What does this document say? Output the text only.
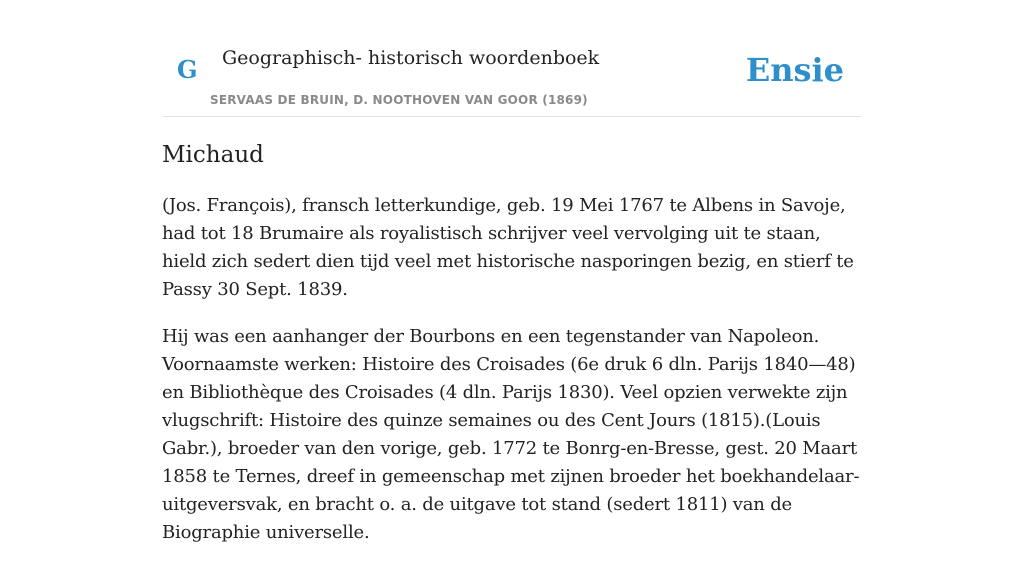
G Geographisch- historisch woordenboek
SERVAAS DE BRUIN, D. NOOTHOVEN VAN GOOR (1869)
Ensie
Michaud

(Jos. François), fransch letterkundige, geb. 19 Mei 1767 te Albens in Savoje, had tot 18 Brumaire als royalistisch schrijver veel vervolging uit te staan, hield zich sedert dien tijd veel met historische nasporingen bezig, en stierf te Passy 30 Sept. 1839.

Hij was een aanhanger der Bourbons en een tegenstander van Napoleon. Voornaamste werken: Histoire des Croisades (6e druk 6 dln. Parijs 1840—48) en Bibliothèque des Croisades (4 dln. Parijs 1830). Veel opzien verwekte zijn vlugschrift: Histoire des quinze semaines ou des Cent Jours (1815).(Louis Gabr.), broeder van den vorige, geb. 1772 te Bonrg-en-Bresse, gest. 20 Maart 1858 te Ternes, dreef in gemeenschap met zijnen broeder het boekhandelaar-uitgeversvak, en bracht o. a. de uitgave tot stand (sedert 1811) van de Biographie universelle.
